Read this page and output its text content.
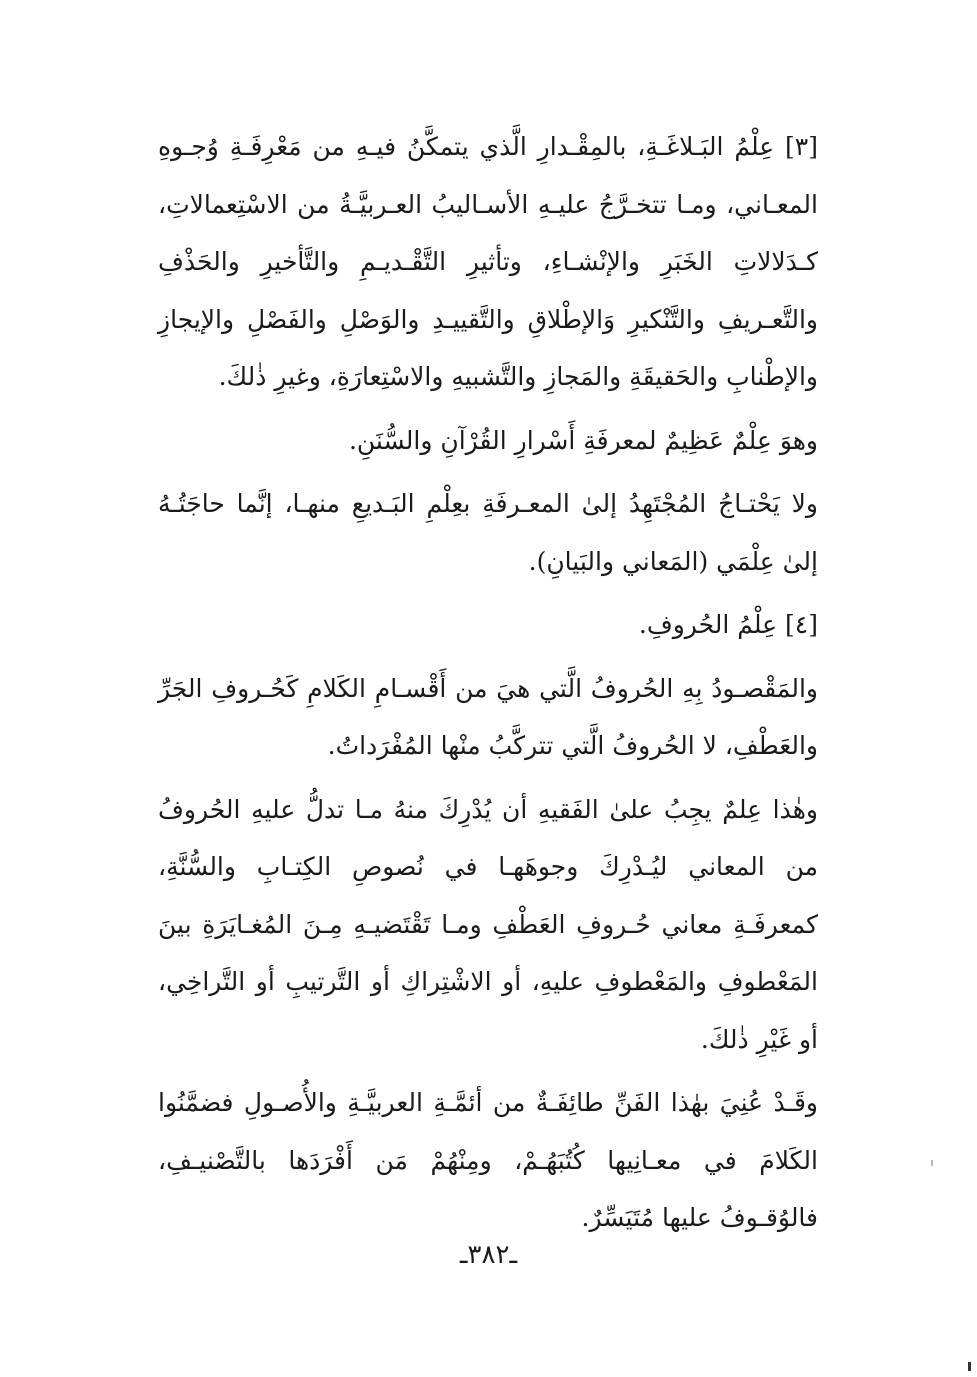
[٣] عِلْمُ البَـلاغَـةِ، بالمِقْـدارِ الَّذي يتمكَّنُ فيـهِ من مَعْرِفَـةِ وُجـوهِ المعـاني، ومـا تتخـرَّجُ عليـهِ الأسـاليبُ العـربيَّـةُ من الاسْتِعمالاتِ، كـدَلالاتِ الخَبَرِ والإنْشـاءِ، وتأثيرِ التَّقْـديـمِ والتَّأخيرِ والحَذْفِ والتَّعـريفِ والتَّنْكيرِ وَالإطْلاقِ والتَّقييـدِ والوَصْلِ والفَصْلِ والإيجازِ والإطْنابِ والحَقيقَةِ والمَجازِ والتَّشبيهِ والاسْتِعارَةِ، وغيرِ ذٰلكَ.

وهوَ عِلْمٌ عَظِيمٌ لمعرفَةِ أَسْرارِ القُرْآنِ والسُّنَنِ.

ولا يَحْتـاجُ المُجْتَهِدُ إلىٰ المعـرفَةِ بعِلْمِ البَـديعِ منهـا، إنَّما حاجَتُـهُ إلىٰ عِلْمَي (المَعاني والبَيانِ).

[٤] عِلْمُ الحُروفِ.

والمَقْصـودُ بِهِ الحُروفُ الَّتي هيَ من أَقْسـامِ الكَلامِ كَحُـروفِ الجَرِّ والعَطْفِ، لا الحُروفُ الَّتي تتركَّبُ منْها المُفْرَداتُ.

وهٰذا عِلمٌ يجِبُ علىٰ الفَقيهِ أن يُدْرِكَ منهُ مـا تدلُّ عليهِ الحُروفُ من المعاني ليُـدْرِكَ وجوهَهـا في نُصوصِ الكِتـابِ والسُّنَّةِ، كمعرفَـةِ معاني حُـروفِ العَطْفِ ومـا تَقْتَضيـهِ مِـنَ المُغـايَرَةِ بينَ المَعْطوفِ والمَعْطوفِ عليهِ، أو الاشْتِراكِ أو التَّرتيبِ أو التَّراخِي، أو غَيْرِ ذٰلكَ.

وقَـدْ عُنِيَ بهٰذا الفَنِّ طائِفَـةٌ من أئمَّـةِ العربيَّـةِ والأُصـولِ فضمَّنُوا الكَلامَ في معـانِيها كُتُبَهُـمْ، ومِنْهُمْ مَن أَفْرَدَها بالتَّصْنيـفِ، فالوُقـوفُ عليها مُتَيَسِّرٌ.

ـ٣٨٢ـ
